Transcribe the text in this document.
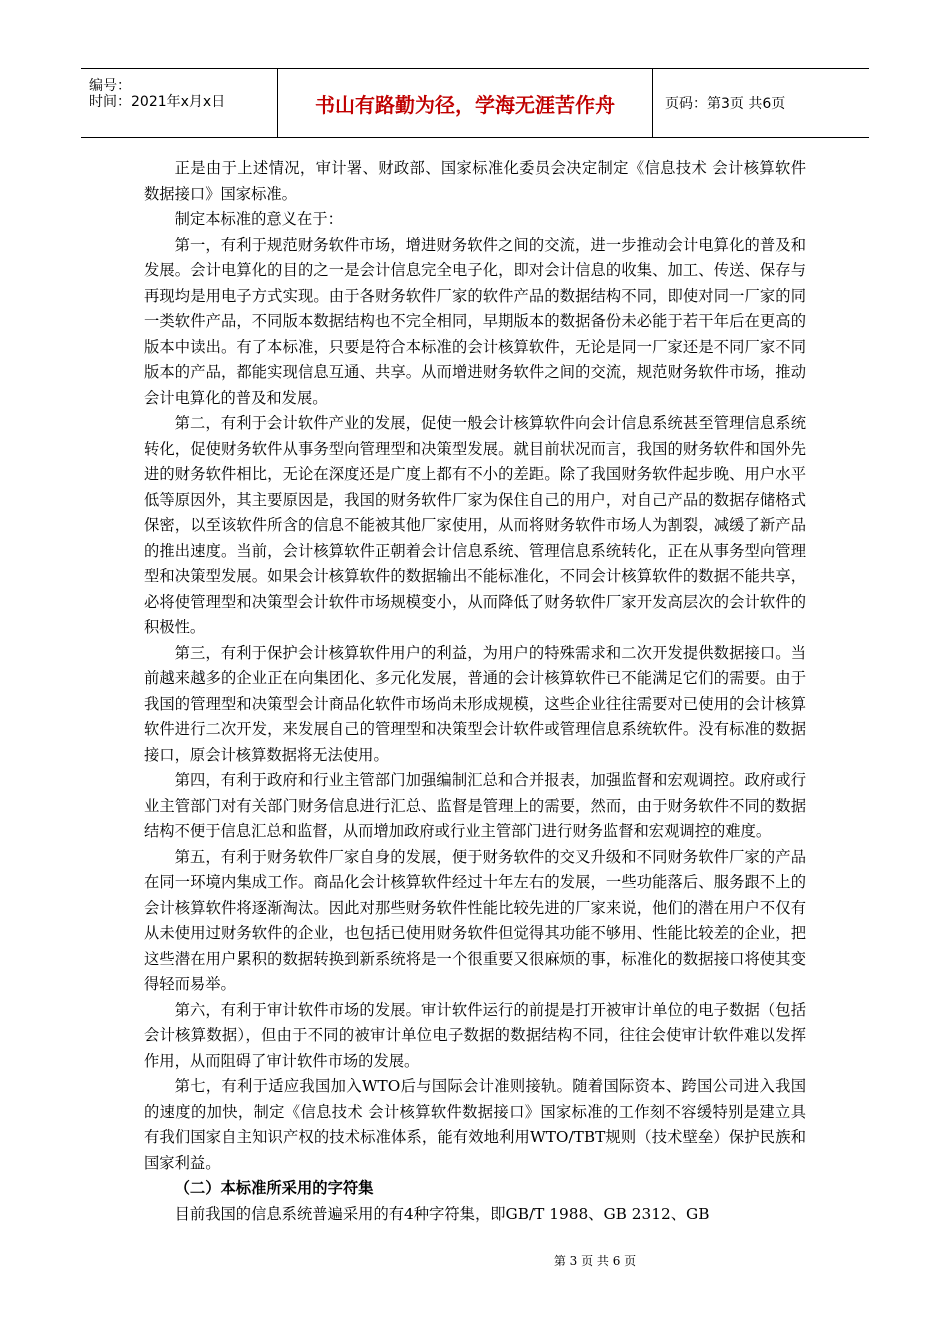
编号：
时间：2021年x月x日	书山有路勤为径，学海无涯苦作舟	页码：第3页 共6页

正是由于上述情况，审计署、财政部、国家标准化委员会决定制定《信息技术 会计核算软件数据接口》国家标准。

制定本标准的意义在于：

第一，有利于规范财务软件市场，增进财务软件之间的交流，进一步推动会计电算化的普及和发展。会计电算化的目的之一是会计信息完全电子化，即对会计信息的收集、加工、传送、保存与再现均是用电子方式实现。由于各财务软件厂家的软件产品的数据结构不同，即使对同一厂家的同一类软件产品，不同版本数据结构也不完全相同，早期版本的数据备份未必能于若干年后在更高的版本中读出。有了本标准，只要是符合本标准的会计核算软件，无论是同一厂家还是不同厂家不同版本的产品，都能实现信息互通、共享。从而增进财务软件之间的交流，规范财务软件市场，推动会计电算化的普及和发展。

第二，有利于会计软件产业的发展，促使一般会计核算软件向会计信息系统甚至管理信息系统转化，促使财务软件从事务型向管理型和决策型发展。就目前状况而言，我国的财务软件和国外先进的财务软件相比，无论在深度还是广度上都有不小的差距。除了我国财务软件起步晚、用户水平低等原因外，其主要原因是，我国的财务软件厂家为保住自己的用户，对自己产品的数据存储格式保密，以至该软件所含的信息不能被其他厂家使用，从而将财务软件市场人为割裂，减缓了新产品的推出速度。当前，会计核算软件正朝着会计信息系统、管理信息系统转化，正在从事务型向管理型和决策型发展。如果会计核算软件的数据输出不能标准化，不同会计核算软件的数据不能共享，必将使管理型和决策型会计软件市场规模变小，从而降低了财务软件厂家开发高层次的会计软件的积极性。

第三，有利于保护会计核算软件用户的利益，为用户的特殊需求和二次开发提供数据接口。当前越来越多的企业正在向集团化、多元化发展，普通的会计核算软件已不能满足它们的需要。由于我国的管理型和决策型会计商品化软件市场尚未形成规模，这些企业往往需要对已使用的会计核算软件进行二次开发，来发展自己的管理型和决策型会计软件或管理信息系统软件。没有标准的数据接口，原会计核算数据将无法使用。

第四，有利于政府和行业主管部门加强编制汇总和合并报表，加强监督和宏观调控。政府或行业主管部门对有关部门财务信息进行汇总、监督是管理上的需要，然而，由于财务软件不同的数据结构不便于信息汇总和监督，从而增加政府或行业主管部门进行财务监督和宏观调控的难度。

第五，有利于财务软件厂家自身的发展，便于财务软件的交叉升级和不同财务软件厂家的产品在同一环境内集成工作。商品化会计核算软件经过十年左右的发展，一些功能落后、服务跟不上的会计核算软件将逐渐淘汰。因此对那些财务软件性能比较先进的厂家来说，他们的潜在用户不仅有从未使用过财务软件的企业，也包括已使用财务软件但觉得其功能不够用、性能比较差的企业，把这些潜在用户累积的数据转换到新系统将是一个很重要又很麻烦的事，标准化的数据接口将使其变得轻而易举。

第六，有利于审计软件市场的发展。审计软件运行的前提是打开被审计单位的电子数据（包括会计核算数据），但由于不同的被审计单位电子数据的数据结构不同，往往会使审计软件难以发挥作用，从而阻碍了审计软件市场的发展。

第七，有利于适应我国加入WTO后与国际会计准则接轨。随着国际资本、跨国公司进入我国的速度的加快，制定《信息技术 会计核算软件数据接口》国家标准的工作刻不容缓特别是建立具有我们国家自主知识产权的技术标准体系，能有效地利用WTO/TBT规则（技术壁垒）保护民族和国家利益。

（二）本标准所采用的字符集

目前我国的信息系统普遍采用的有4种字符集，即GB/T 1988、GB 2312、GB

第 3 页 共 6 页
